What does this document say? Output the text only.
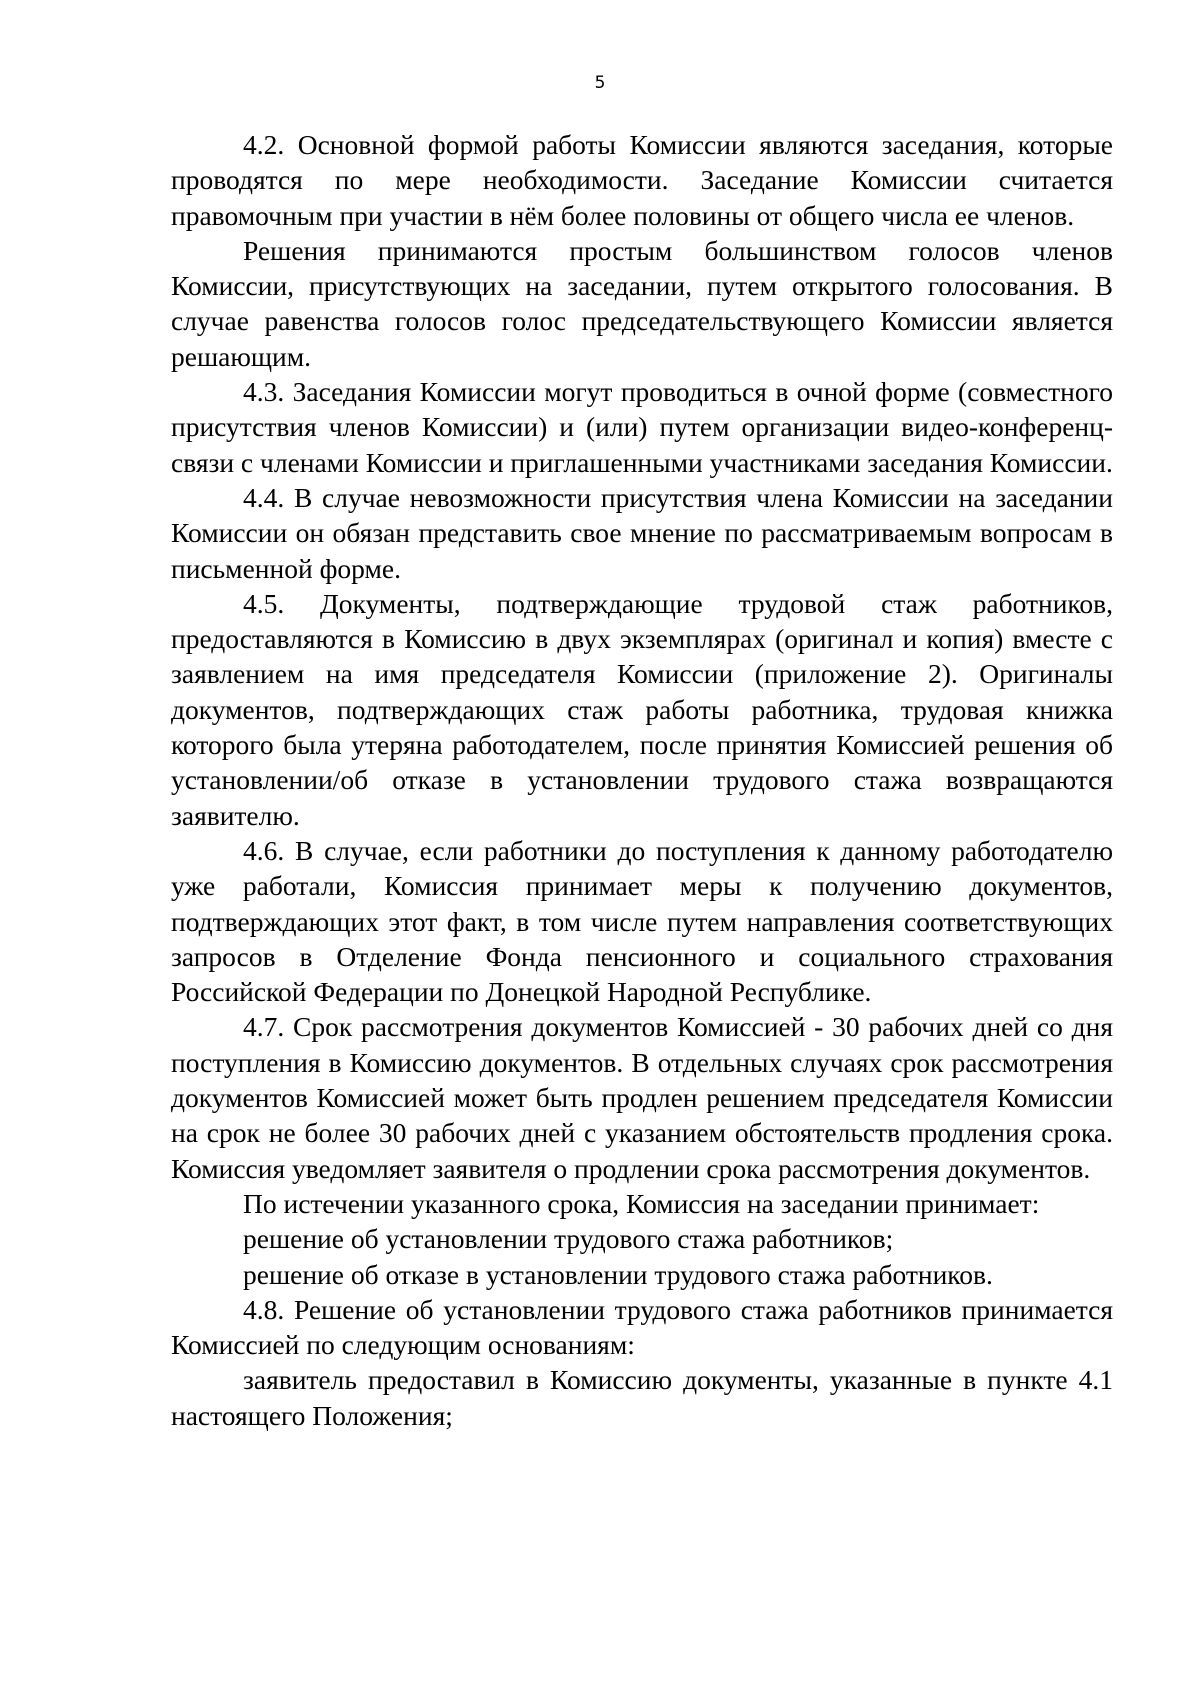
5

4.2. Основной формой работы Комиссии являются заседания, которые проводятся по мере необходимости. Заседание Комиссии считается правомочным при участии в нём более половины от общего числа ее членов.

Решения принимаются простым большинством голосов членов Комиссии, присутствующих на заседании, путем открытого голосования. В случае равенства голосов голос председательствующего Комиссии является решающим.

4.3. Заседания Комиссии могут проводиться в очной форме (совместного присутствия членов Комиссии) и (или) путем организации видео-конференц-связи с членами Комиссии и приглашенными участниками заседания Комиссии.

4.4. В случае невозможности присутствия члена Комиссии на заседании Комиссии он обязан представить свое мнение по рассматриваемым вопросам в письменной форме.

4.5. Документы, подтверждающие трудовой стаж работников, предоставляются в Комиссию в двух экземплярах (оригинал и копия) вместе с заявлением на имя председателя Комиссии (приложение 2). Оригиналы документов, подтверждающих стаж работы работника, трудовая книжка которого была утеряна работодателем, после принятия Комиссией решения об установлении/об отказе в установлении трудового стажа возвращаются заявителю.

4.6. В случае, если работники до поступления к данному работодателю уже работали, Комиссия принимает меры к получению документов, подтверждающих этот факт, в том числе путем направления соответствующих запросов в Отделение Фонда пенсионного и социального страхования Российской Федерации по Донецкой Народной Республике.

4.7. Срок рассмотрения документов Комиссией - 30 рабочих дней со дня поступления в Комиссию документов. В отдельных случаях срок рассмотрения документов Комиссией может быть продлен решением председателя Комиссии на срок не более 30 рабочих дней с указанием обстоятельств продления срока. Комиссия уведомляет заявителя о продлении срока рассмотрения документов.

По истечении указанного срока, Комиссия на заседании принимает:

решение об установлении трудового стажа работников;

решение об отказе в установлении трудового стажа работников.

4.8. Решение об установлении трудового стажа работников принимается Комиссией по следующим основаниям:

заявитель предоставил в Комиссию документы, указанные в пункте 4.1 настоящего Положения;
